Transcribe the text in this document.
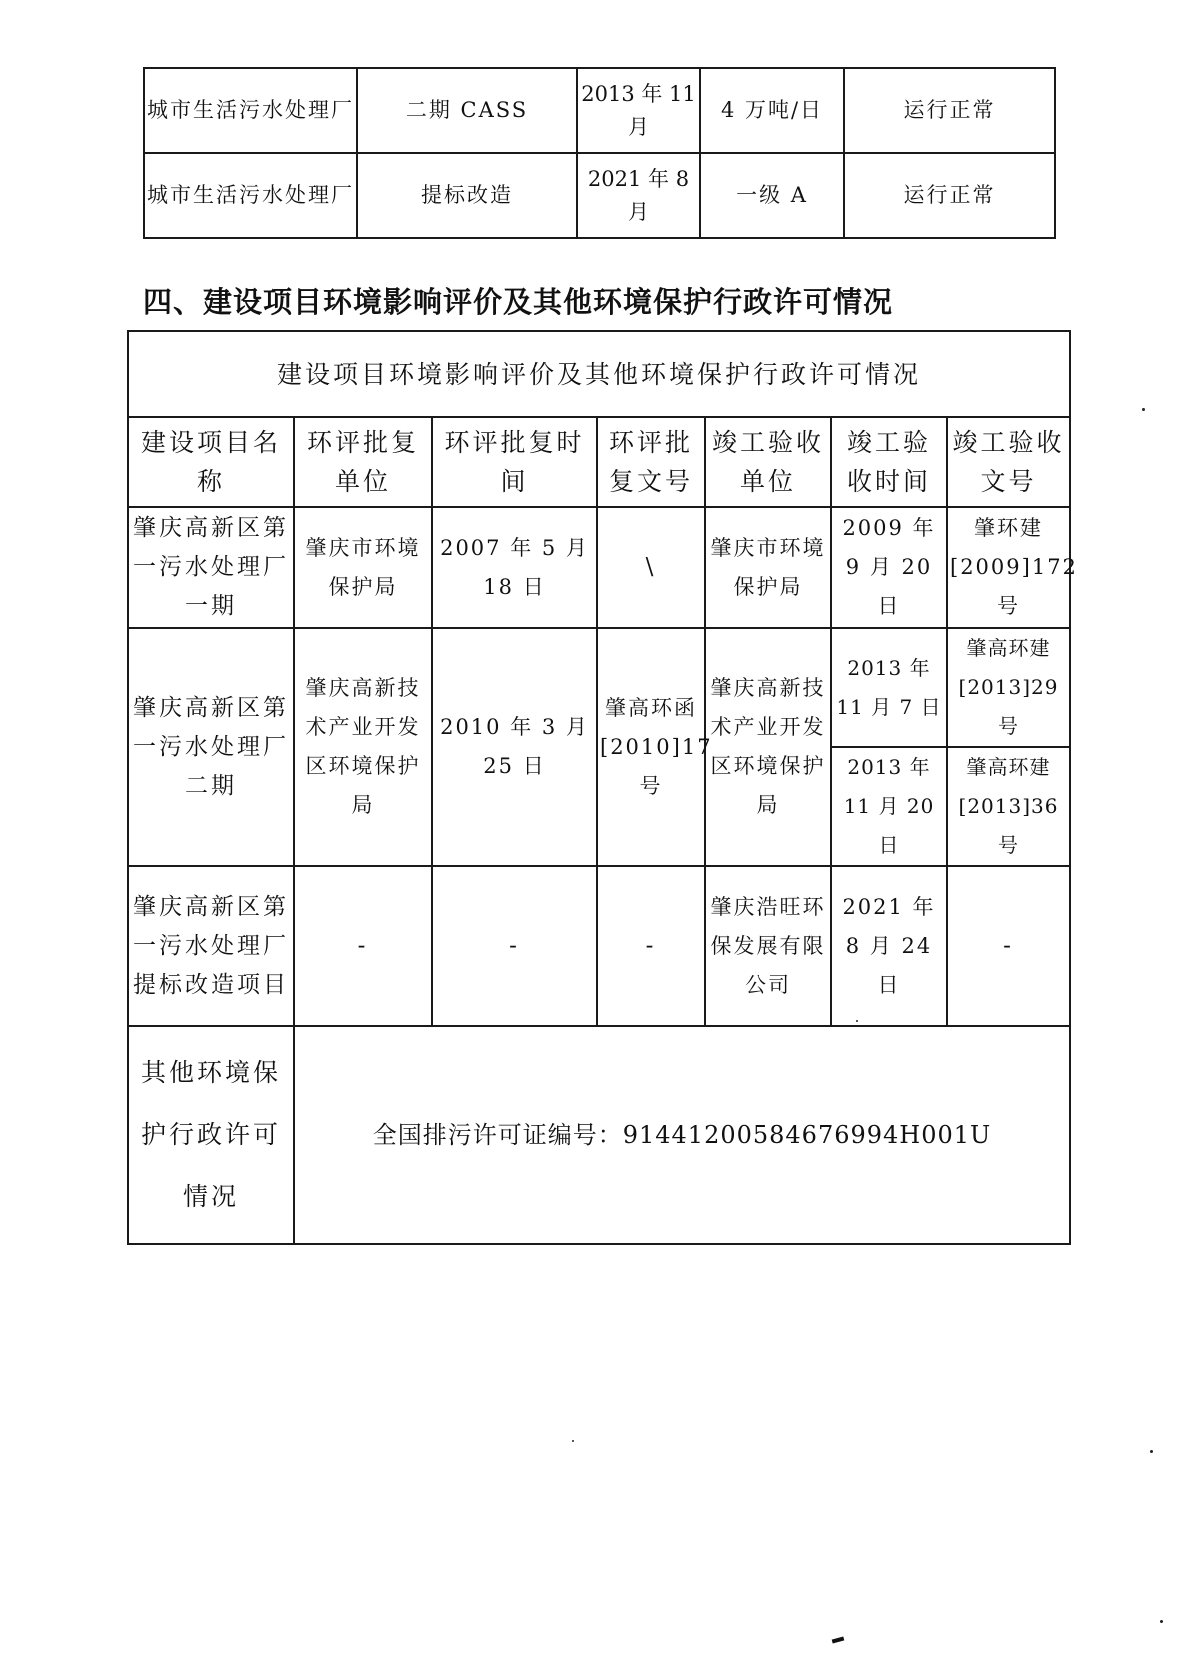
城市生活污水处理厂	二期 CASS	2013 年 11 月	4 万吨/日	运行正常
城市生活污水处理厂	提标改造	2021 年 8 月	一级 A	运行正常
四、建设项目环境影响评价及其他环境保护行政许可情况
建设项目环境影响评价及其他环境保护行政许可情况						
建设项目名称	环评批复单位	环评批复时间	环评批复文号	竣工验收单位	竣工验收时间	竣工验收文号
肇庆高新区第一污水处理厂一期	肇庆市环境保护局	2007 年 5 月 18 日	\	肇庆市环境保护局	2009 年 9 月 20 日	肇环建[2009]172 号
肇庆高新区第一污水处理厂二期	肇庆高新技术产业开发区环境保护局	2010 年 3 月 25 日	肇高环函[2010]17 号	肇庆高新技术产业开发区环境保护局	2013 年 11 月 7 日	肇高环建[2013]29 号
					2013 年 11 月 20 日	肇高环建[2013]36 号
肇庆高新区第一污水处理厂提标改造项目	-	-	-	肇庆浩旺环保发展有限公司	2021 年 8 月 24 日	-
其他环境保护行政许可情况	全国排污许可证编号：91441200584676994H001U					
